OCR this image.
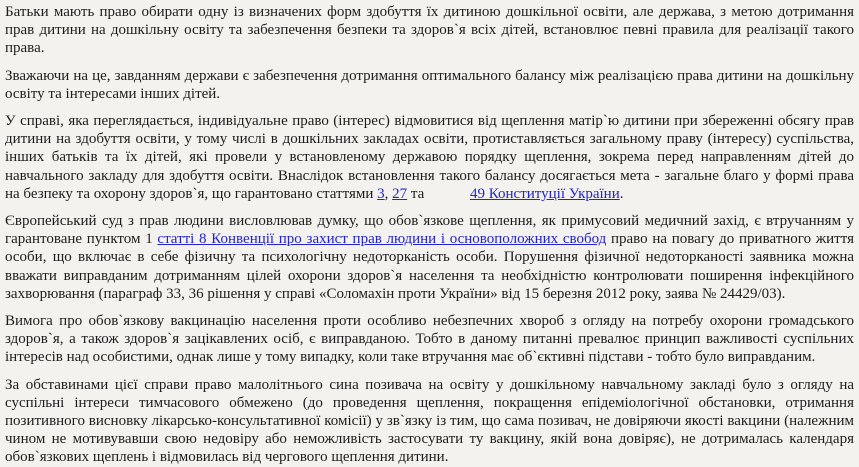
Батьки мають право обирати одну із визначених форм здобуття їх дитиною дошкільної освіти, але держава, з метою дотримання прав дитини на дошкільну освіту та забезпечення безпеки та здоров`я всіх дітей, встановлює певні правила для реалізації такого права.

Зважаючи на це, завданням держави є забезпечення дотримання оптимального балансу між реалізацією права дитини на дошкільну освіту та інтересами інших дітей.

У справі, яка переглядається, індивідуальне право (інтерес) відмовитися від щеплення матір`ю дитини при збереженні обсягу прав дитини на здобуття освіти, у тому числі в дошкільних закладах освіти, протиставляється загальному праву (інтересу) суспільства, інших батьків та їх дітей, які провели у встановленому державою порядку щеплення, зокрема перед направленням дітей до навчального закладу для здобуття освіти. Внаслідок встановлення такого балансу досягається мета - загальне благо у формі права на безпеку та охорону здоров`я, що гарантовано статтями 3, 27 та	49 Конституції України.

Європейський суд з прав людини висловлював думку, що обов`язкове щеплення, як примусовий медичний захід, є втручанням у гарантоване пунктом 1 статті 8 Конвенції про захист прав людини і основоположних свобод право на повагу до приватного життя особи, що включає в себе фізичну та психологічну недоторканість особи. Порушення фізичної недоторканості заявника можна вважати виправданим дотриманням цілей охорони здоров`я населення та необхідністю контролювати поширення інфекційного захворювання (параграф 33, 36 рішення у справі «Соломахін проти України» від 15 березня 2012 року, заява № 24429/03).

Вимога про обов`язкову вакцинацію населення проти особливо небезпечних хвороб з огляду на потребу охорони громадського здоров`я, а також здоров`я зацікавлених осіб, є виправданою. Тобто в даному питанні превалює принцип важливості суспільних інтересів над особистими, однак лише у тому випадку, коли таке втручання має об`єктивні підстави - тобто було виправданим.

За обставинами цієї справи право малолітнього сина позивача на освіту у дошкільному навчальному закладі було з огляду на суспільні інтереси тимчасового обмежено (до проведення щеплення, покращення епідеміологічної обстановки, отримання позитивного висновку лікарсько-консультативної комісії) у зв`язку із тим, що сама позивач, не довіряючи якості вакцини (належним чином не мотивувавши свою недовіру або неможливість застосувати ту вакцину, якій вона довіряє), не дотрималась календаря обов`язкових щеплень і відмовилась від чергового щеплення дитини.
